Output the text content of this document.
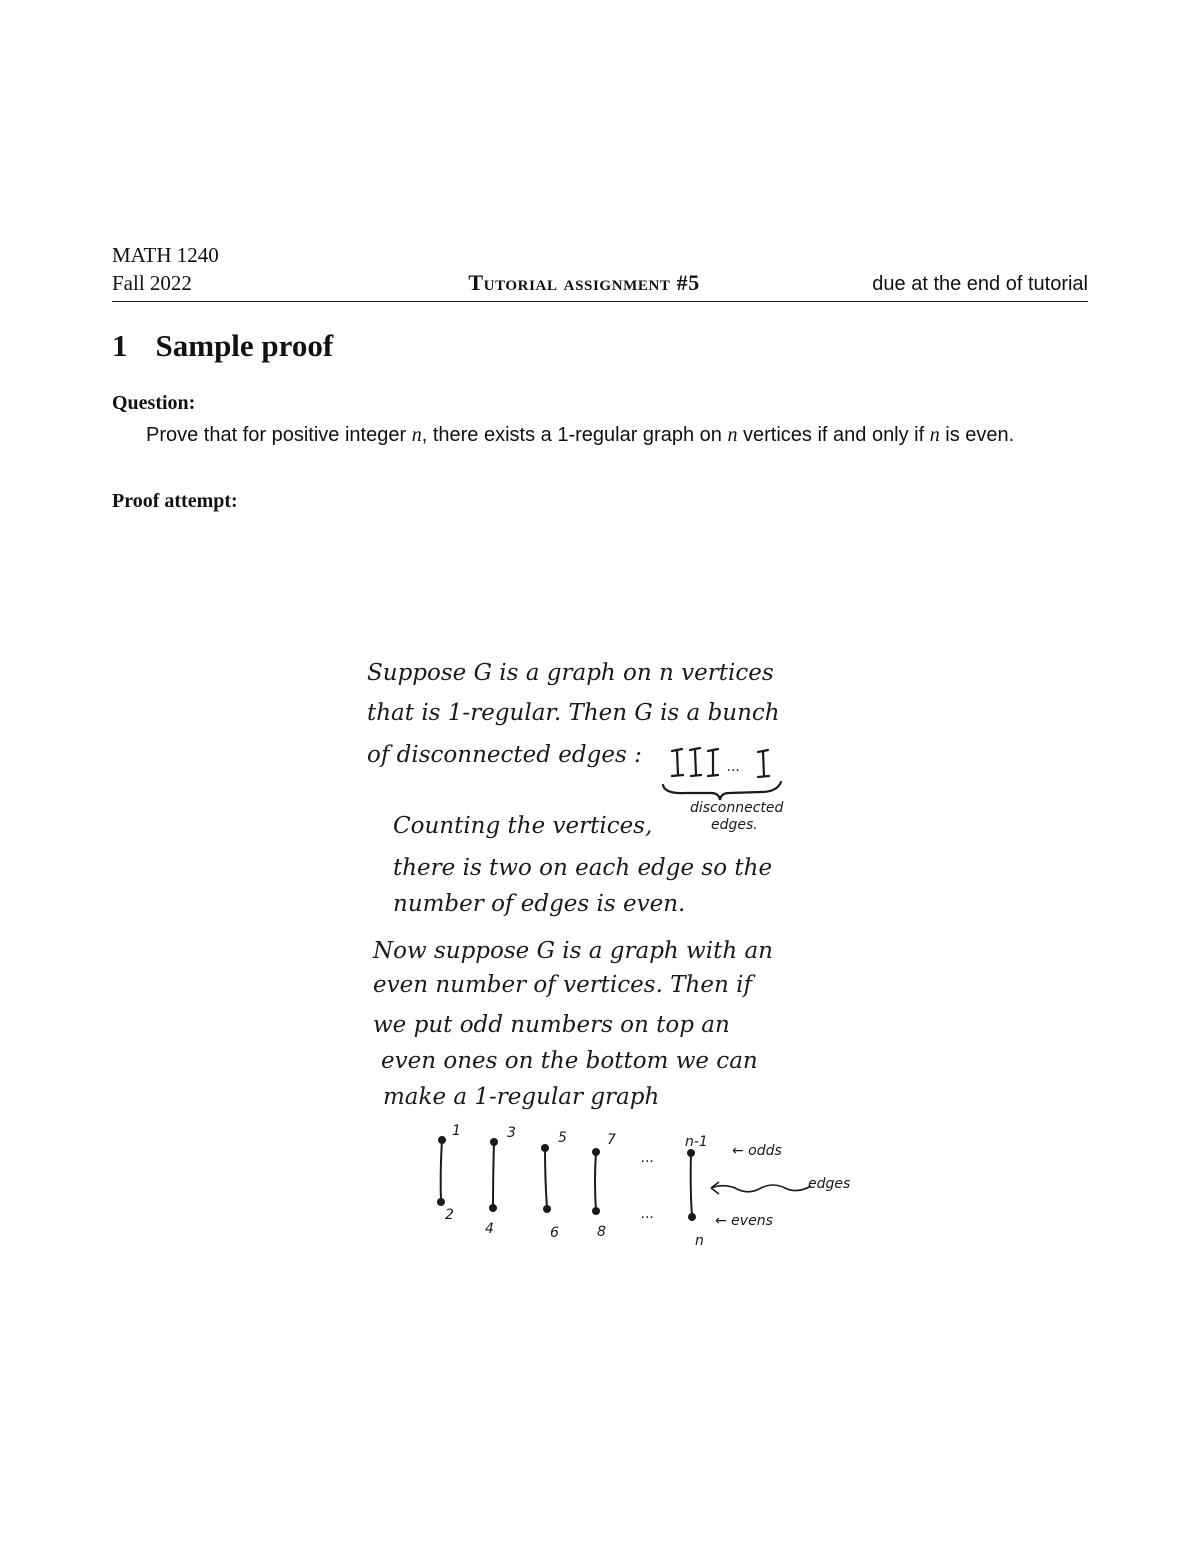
MATH 1240
Fall 2022	Tutorial assignment #5	due at the end of tutorial
1 Sample proof
Question:
Prove that for positive integer n, there exists a 1-regular graph on n vertices if and only if n is even.
Proof attempt:
Suppose G is a graph on n vertices
that is 1-regular. Then G is a bunch
of disconnected edges :	...
disconnected
edges.
Counting the vertices,
there is two on each edge so the
number of edges is even.
Now suppose G is a graph with an
even number of vertices. Then if
we put odd numbers on top an
even ones on the bottom we can
make a 1-regular graph
1	3	5	7	n-1
2
4	6	8
n
...
...
← odds
edges
← evens
